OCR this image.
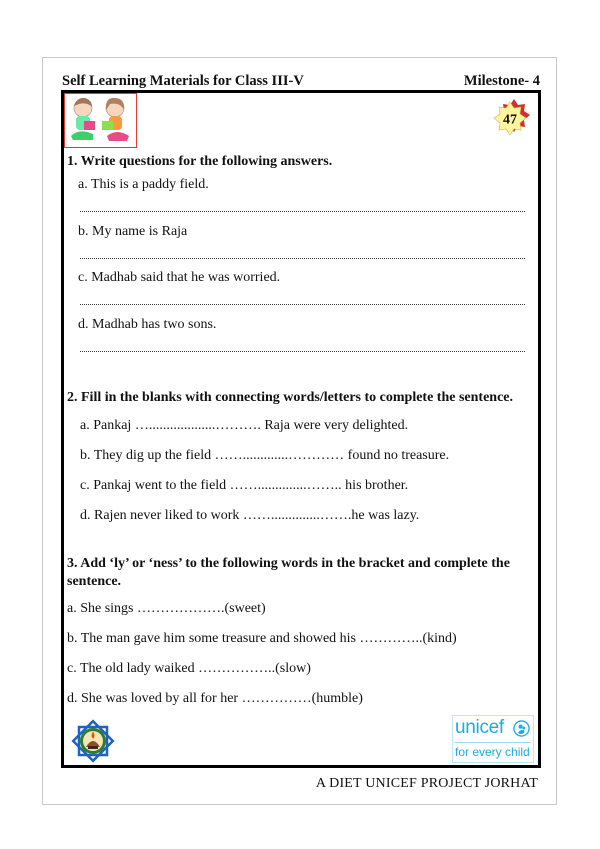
Self Learning Materials for Class III-V	Milestone- 4
47
1. Write questions for the following answers.
a. This is a paddy field.
b. My name is Raja
c. Madhab said that he was worried.
d. Madhab has two sons.
2. Fill in the blanks with connecting words/letters to complete the sentence.
a. Pankaj …...................………. Raja were very delighted.
b. They dig up the field …….............………… found no treasure.
c. Pankaj went to the field ……..............…….. his brother.
d. Rajen never liked to work ……..............…….he was lazy.
3. Add ‘ly’ or ‘ness’ to the following words in the bracket and complete the sentence.
a. She sings ……………….(sweet)
b. The man gave him some treasure and showed his …………..(kind)
c. The old lady waiked ……………..(slow)
d. She was loved by all for her ……………(humble)
unicef
for every child
A DIET UNICEF PROJECT JORHAT
